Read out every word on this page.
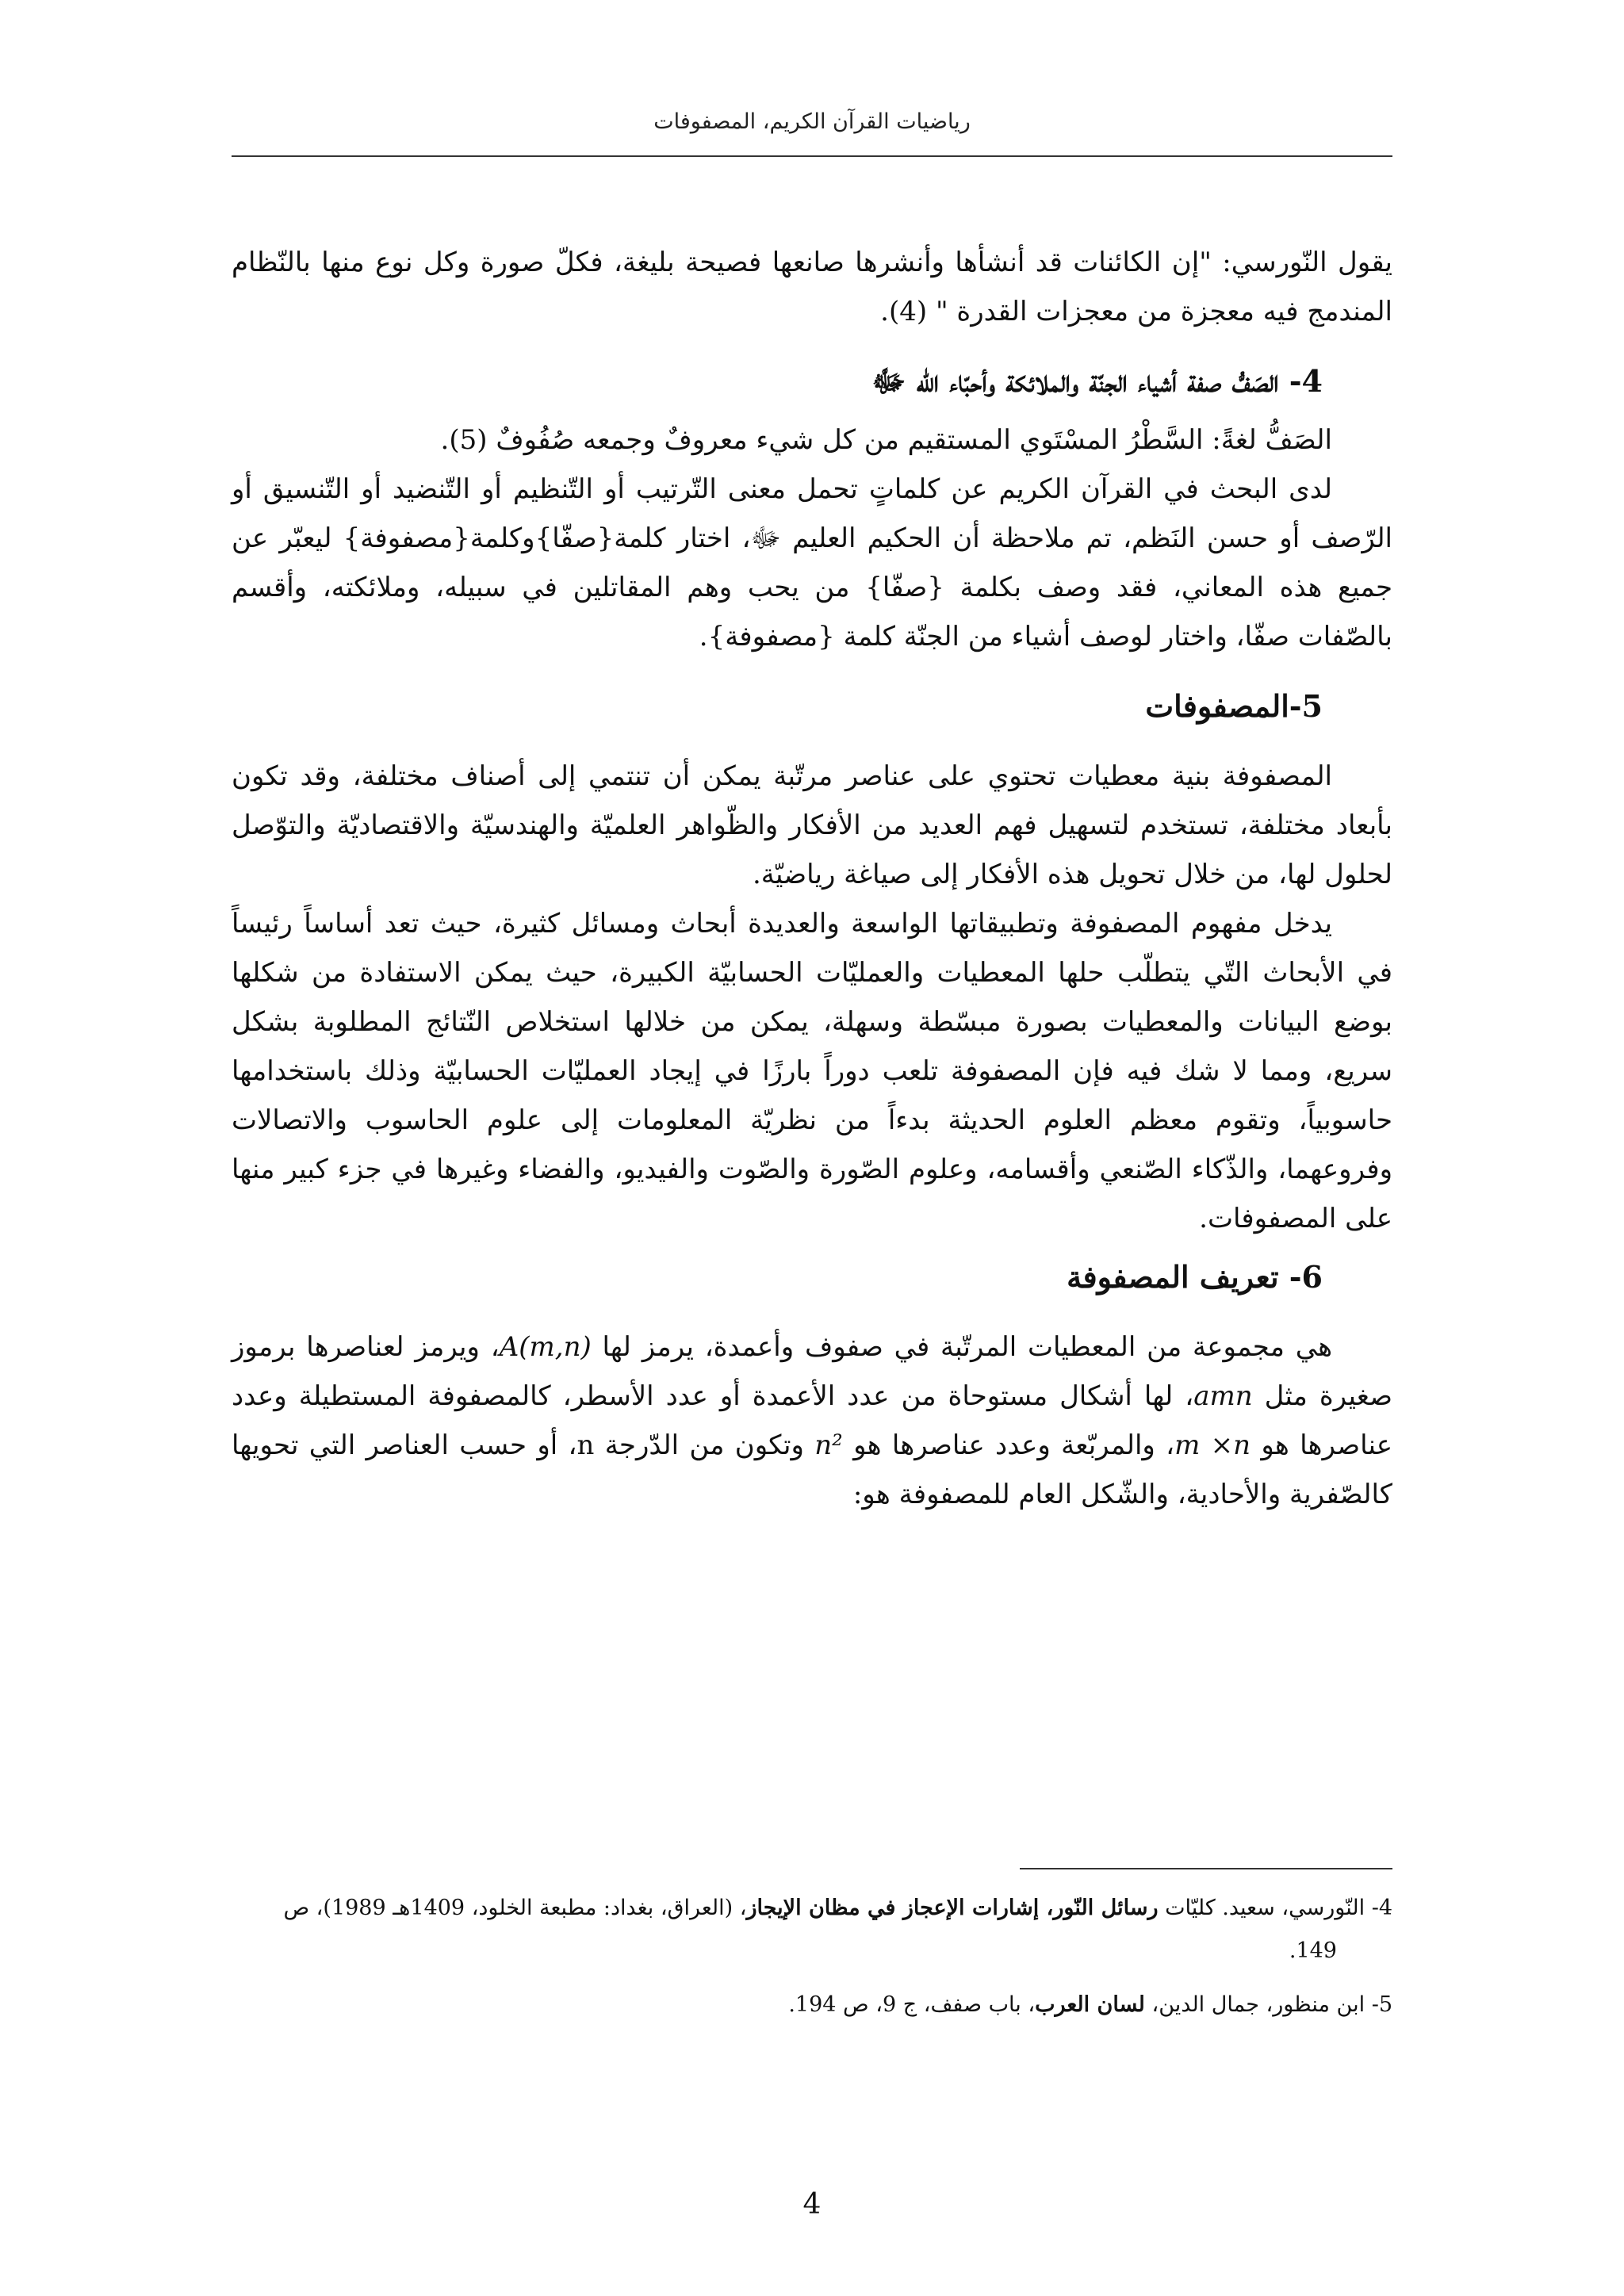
رياضيات القرآن الكريم، المصفوفات

يقول النّورسي: "إن الكائنات قد أنشأها وأنشرها صانعها فصيحة بليغة، فكلّ صورة وكل نوع منها بالنّظام المندمج فيه معجزة من معجزات القدرة " (4).

4- الصَفُّ صفة أشياء الجنّة والملائكة وأحبّاء الله ﷻ

الصَفُّ لغةً: السَّطْرُ المسْتَوي المستقيم من كل شيء معروفٌ وجمعه صُفُوفٌ (5).

لدى البحث في القرآن الكريم عن كلماتٍ تحمل معنى التّرتيب أو التّنظيم أو التّنضيد أو التّنسيق أو الرّصف أو حسن النَظم، تم ملاحظة أن الحكيم العليم ﷻ، اختار كلمة{صفّا}وكلمة{مصفوفة} ليعبّر عن جميع هذه المعاني، فقد وصف بكلمة {صفّا} من يحب وهم المقاتلين في سبيله، وملائكته، وأقسم بالصّفات صفّا، واختار لوصف أشياء من الجنّة كلمة {مصفوفة}.

5-المصفوفات

المصفوفة بنية معطيات تحتوي على عناصر مرتّبة يمكن أن تنتمي إلى أصناف مختلفة، وقد تكون بأبعاد مختلفة، تستخدم لتسهيل فهم العديد من الأفكار والظّواهر العلميّة والهندسيّة والاقتصاديّة والتوّصل لحلول لها، من خلال تحويل هذه الأفكار إلى صياغة رياضيّة.

يدخل مفهوم المصفوفة وتطبيقاتها الواسعة والعديدة أبحاث ومسائل كثيرة، حيث تعد أساساً رئيساً في الأبحاث التّي يتطلّب حلها المعطيات والعمليّات الحسابيّة الكبيرة، حيث يمكن الاستفادة من شكلها بوضع البيانات والمعطيات بصورة مبسّطة وسهلة، يمكن من خلالها استخلاص النّتائج المطلوبة بشكل سريع، ومما لا شك فيه فإن المصفوفة تلعب دوراً بارزًا في إيجاد العمليّات الحسابيّة وذلك باستخدامها حاسوبياً، وتقوم معظم العلوم الحديثة بدءاً من نظريّة المعلومات إلى علوم الحاسوب والاتصالات وفروعهما، والذّكاء الصّنعي وأقسامه، وعلوم الصّورة والصّوت والفيديو، والفضاء وغيرها في جزء كبير منها على المصفوفات.

6- تعريف المصفوفة

هي مجموعة من المعطيات المرتّبة في صفوف وأعمدة، يرمز لها A(m,n)، ويرمز لعناصرها برموز صغيرة مثل amn، لها أشكال مستوحاة من عدد الأعمدة أو عدد الأسطر، كالمصفوفة المستطيلة وعدد عناصرها هو m ×n، والمربّعة وعدد عناصرها هو n² وتكون من الدّرجة n، أو حسب العناصر التي تحويها كالصّفرية والأحادية، والشّكل العام للمصفوفة هو:

4- النّورسي، سعيد. كليّات رسائل النّور، إشارات الإعجاز في مظان الإيجاز، (العراق، بغداد: مطبعة الخلود، 1409هـ 1989)، ص 149.

5- ابن منظور، جمال الدين، لسان العرب، باب صفف، ج 9، ص 194.

4
